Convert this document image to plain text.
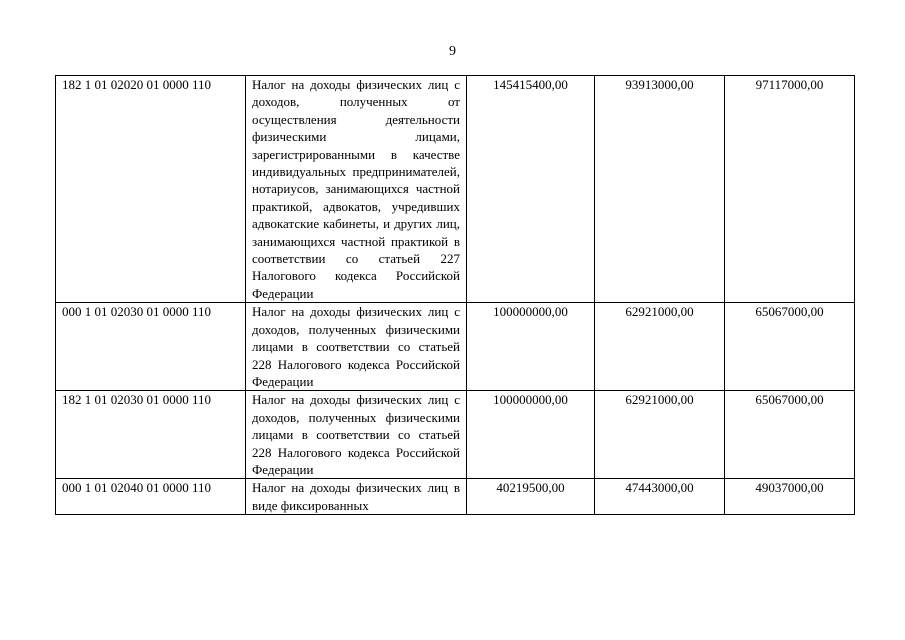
9
182 1 01 02020 01 0000 110	Налог на доходы физических лиц с доходов, полученных от осуществления деятельности физическими лицами, зарегистрированными в качестве индивидуальных предпринимателей, нотариусов, занимающихся частной практикой, адвокатов, учредивших адвокатские кабинеты, и других лиц, занимающихся частной практикой в соответствии со статьей 227 Налогового кодекса Российской Федерации	145415400,00	93913000,00	97117000,00
000 1 01 02030 01 0000 110	Налог на доходы физических лиц с доходов, полученных физическими лицами в соответствии со статьей 228 Налогового кодекса Российской Федерации	100000000,00	62921000,00	65067000,00
182 1 01 02030 01 0000 110	Налог на доходы физических лиц с доходов, полученных физическими лицами в соответствии со статьей 228 Налогового кодекса Российской Федерации	100000000,00	62921000,00	65067000,00
000 1 01 02040 01 0000 110	Налог на доходы физических лиц в виде фиксированных	40219500,00	47443000,00	49037000,00
